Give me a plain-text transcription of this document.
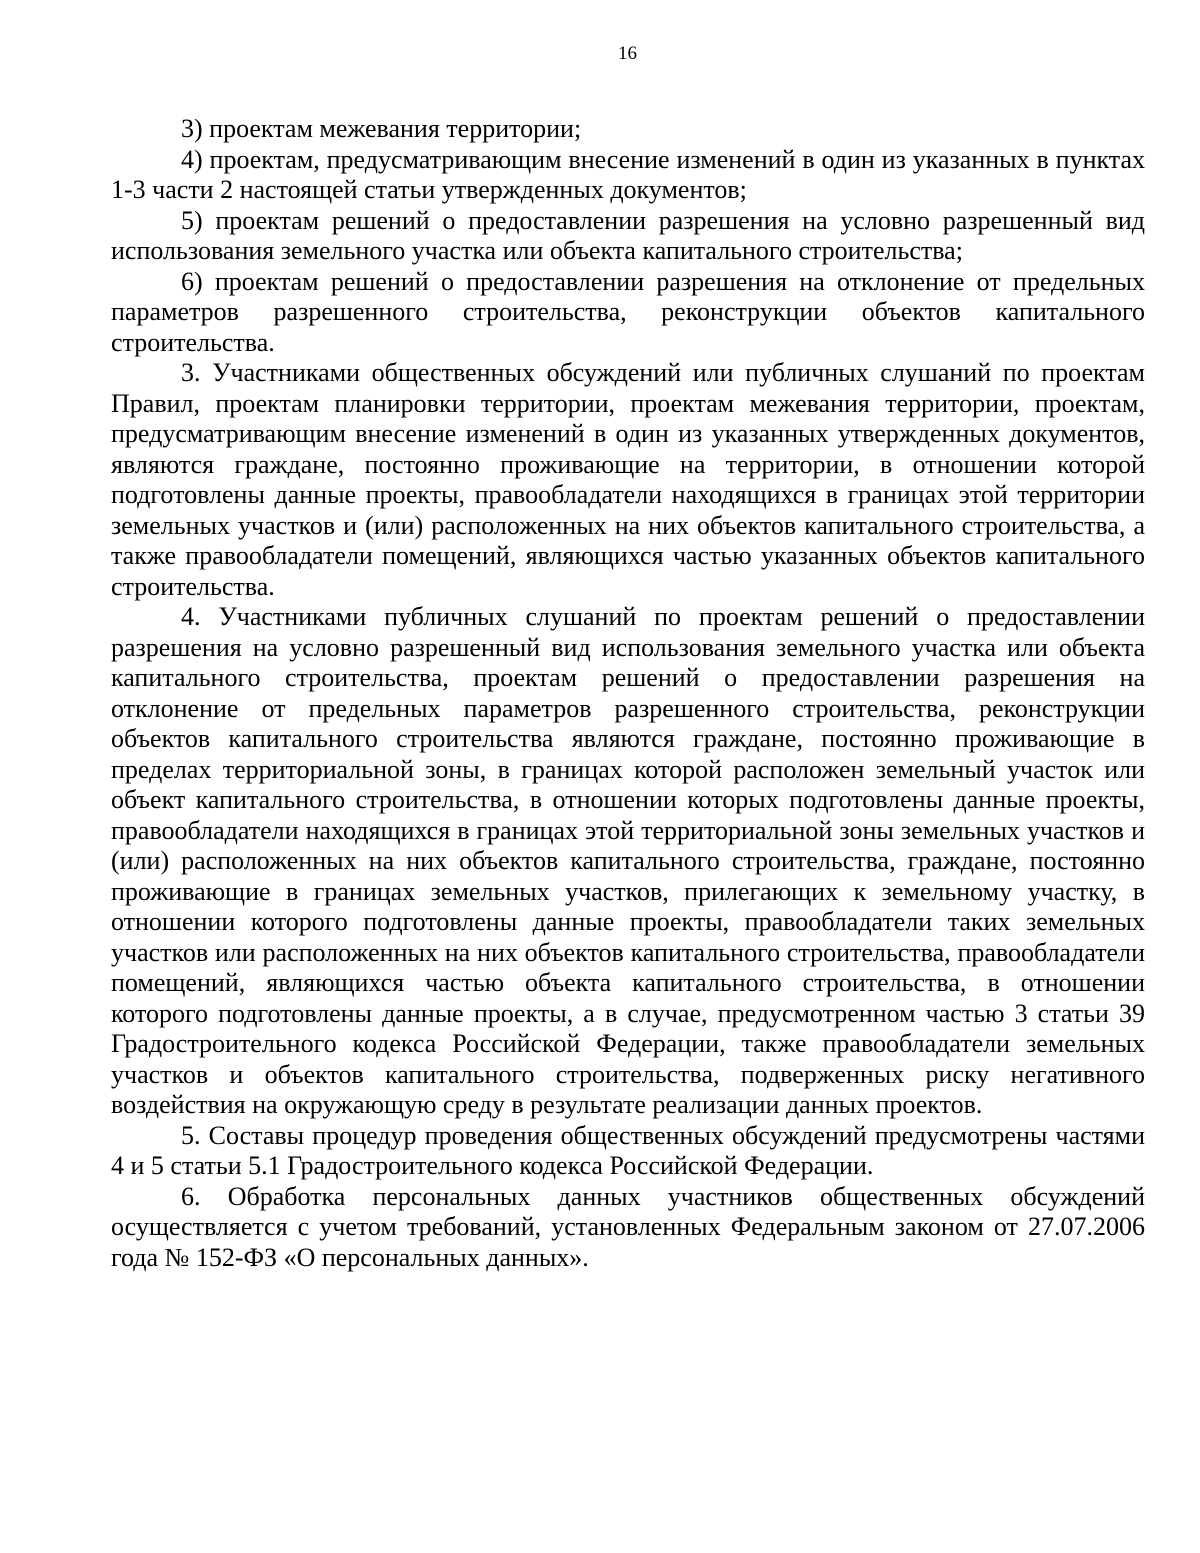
16

3) проектам межевания территории;

4) проектам, предусматривающим внесение изменений в один из указанных в пунктах 1-3 части 2 настоящей статьи утвержденных документов;

5) проектам решений о предоставлении разрешения на условно разрешенный вид использования земельного участка или объекта капитального строительства;

6) проектам решений о предоставлении разрешения на отклонение от предельных параметров разрешенного строительства, реконструкции объектов капитального строительства.

3. Участниками общественных обсуждений или публичных слушаний по проектам Правил, проектам планировки территории, проектам межевания территории, проектам, предусматривающим внесение изменений в один из указанных утвержденных документов, являются граждане, постоянно проживающие на территории, в отношении которой подготовлены данные проекты, правообладатели находящихся в границах этой территории земельных участков и (или) расположенных на них объектов капитального строительства, а также правообладатели помещений, являющихся частью указанных объектов капитального строительства.

4. Участниками публичных слушаний по проектам решений о предоставлении разрешения на условно разрешенный вид использования земельного участка или объекта капитального строительства, проектам решений о предоставлении разрешения на отклонение от предельных параметров разрешенного строительства, реконструкции объектов капитального строительства являются граждане, постоянно проживающие в пределах территориальной зоны, в границах которой расположен земельный участок или объект капитального строительства, в отношении которых подготовлены данные проекты, правообладатели находящихся в границах этой территориальной зоны земельных участков и (или) расположенных на них объектов капитального строительства, граждане, постоянно проживающие в границах земельных участков, прилегающих к земельному участку, в отношении которого подготовлены данные проекты, правообладатели таких земельных участков или расположенных на них объектов капитального строительства, правообладатели помещений, являющихся частью объекта капитального строительства, в отношении которого подготовлены данные проекты, а в случае, предусмотренном частью 3 статьи 39 Градостроительного кодекса Российской Федерации, также правообладатели земельных участков и объектов капитального строительства, подверженных риску негативного воздействия на окружающую среду в результате реализации данных проектов.

5. Составы процедур проведения общественных обсуждений предусмотрены частями 4 и 5 статьи 5.1 Градостроительного кодекса Российской Федерации.

6. Обработка персональных данных участников общественных обсуждений осуществляется с учетом требований, установленных Федеральным законом от 27.07.2006 года № 152-ФЗ «О персональных данных».
